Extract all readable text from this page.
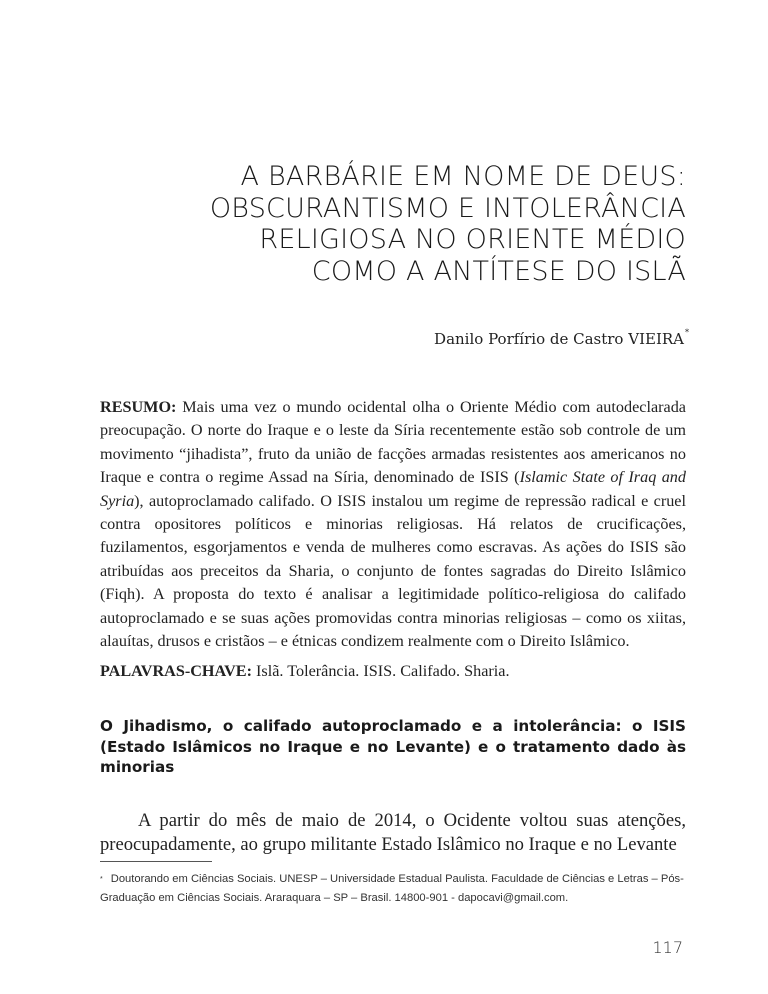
A BARBÁRIE EM NOME DE DEUS:
OBSCURANTISMO E INTOLERÂNCIA
RELIGIOSA NO ORIENTE MÉDIO
COMO A ANTÍTESE DO ISLÃ
Danilo Porfírio de Castro VIEIRA*
RESUMO: Mais uma vez o mundo ocidental olha o Oriente Médio com autodeclarada preocupação. O norte do Iraque e o leste da Síria recentemente estão sob controle de um movimento “jihadista”, fruto da união de facções armadas resistentes aos americanos no Iraque e contra o regime Assad na Síria, denominado de ISIS (Islamic State of Iraq and Syria), autoproclamado califado. O ISIS instalou um regime de repressão radical e cruel contra opositores políticos e minorias religiosas. Há relatos de crucificações, fuzilamentos, esgorjamentos e venda de mulheres como escravas. As ações do ISIS são atribuídas aos preceitos da Sharia, o conjunto de fontes sagradas do Direito Islâmico (Fiqh). A proposta do texto é analisar a legitimidade político-religiosa do califado autoproclamado e se suas ações promovidas contra minorias religiosas – como os xiitas, alauítas, drusos e cristãos – e étnicas condizem realmente com o Direito Islâmico.
PALAVRAS-CHAVE: Islã. Tolerância. ISIS. Califado. Sharia.
O Jihadismo, o califado autoproclamado e a intolerância: o ISIS (Estado Islâmicos no Iraque e no Levante) e o tratamento dado às minorias
A partir do mês de maio de 2014, o Ocidente voltou suas atenções, preocupadamente, ao grupo militante Estado Islâmico no Iraque e no Levante
* Doutorando em Ciências Sociais. UNESP – Universidade Estadual Paulista. Faculdade de Ciências e Letras – Pós-Graduação em Ciências Sociais. Araraquara – SP – Brasil. 14800-901 - dapocavi@gmail.com.
117
